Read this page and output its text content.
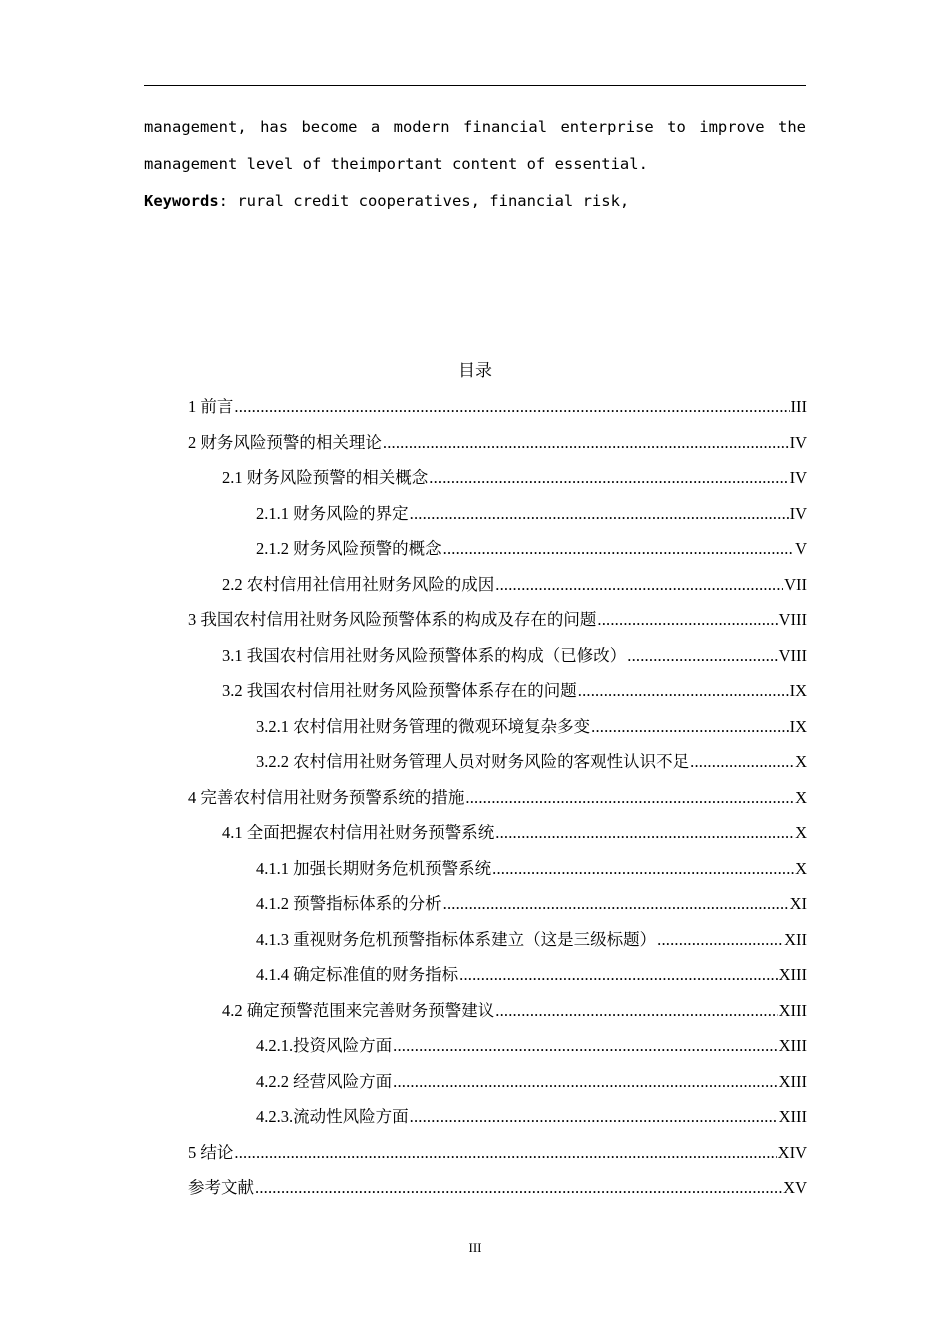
management, has become a modern financial enterprise to improve the
management level of theimportant content of essential.
Keywords: rural credit cooperatives, financial risk,
目录
1 前言 .....	III
2 财务风险预警的相关理论 .....	IV
2.1 财务风险预警的相关概念 .....	IV
2.1.1 财务风险的界定 .....	IV
2.1.2 财务风险预警的概念 .....	V
2.2 农村信用社信用社财务风险的成因 .....	VII
3 我国农村信用社财务风险预警体系的构成及存在的问题 .....	VIII
3.1 我国农村信用社财务风险预警体系的构成（已修改） .....	VIII
3.2 我国农村信用社财务风险预警体系存在的问题 .....	IX
3.2.1 农村信用社财务管理的微观环境复杂多变 .....	IX
3.2.2 农村信用社财务管理人员对财务风险的客观性认识不足 .....	X
4 完善农村信用社财务预警系统的措施 .....	X
4.1 全面把握农村信用社财务预警系统 .....	X
4.1.1 加强长期财务危机预警系统 .....	X
4.1.2 预警指标体系的分析 .....	XI
4.1.3 重视财务危机预警指标体系建立（这是三级标题） .....	XII
4.1.4 确定标准值的财务指标 .....	XIII
4.2 确定预警范围来完善财务预警建议 .....	XIII
4.2.1.投资风险方面 .....	XIII
4.2.2 经营风险方面 .....	XIII
4.2.3.流动性风险方面 .....	XIII
5 结论 .....	XIV
参考文献 .....	XV
III
